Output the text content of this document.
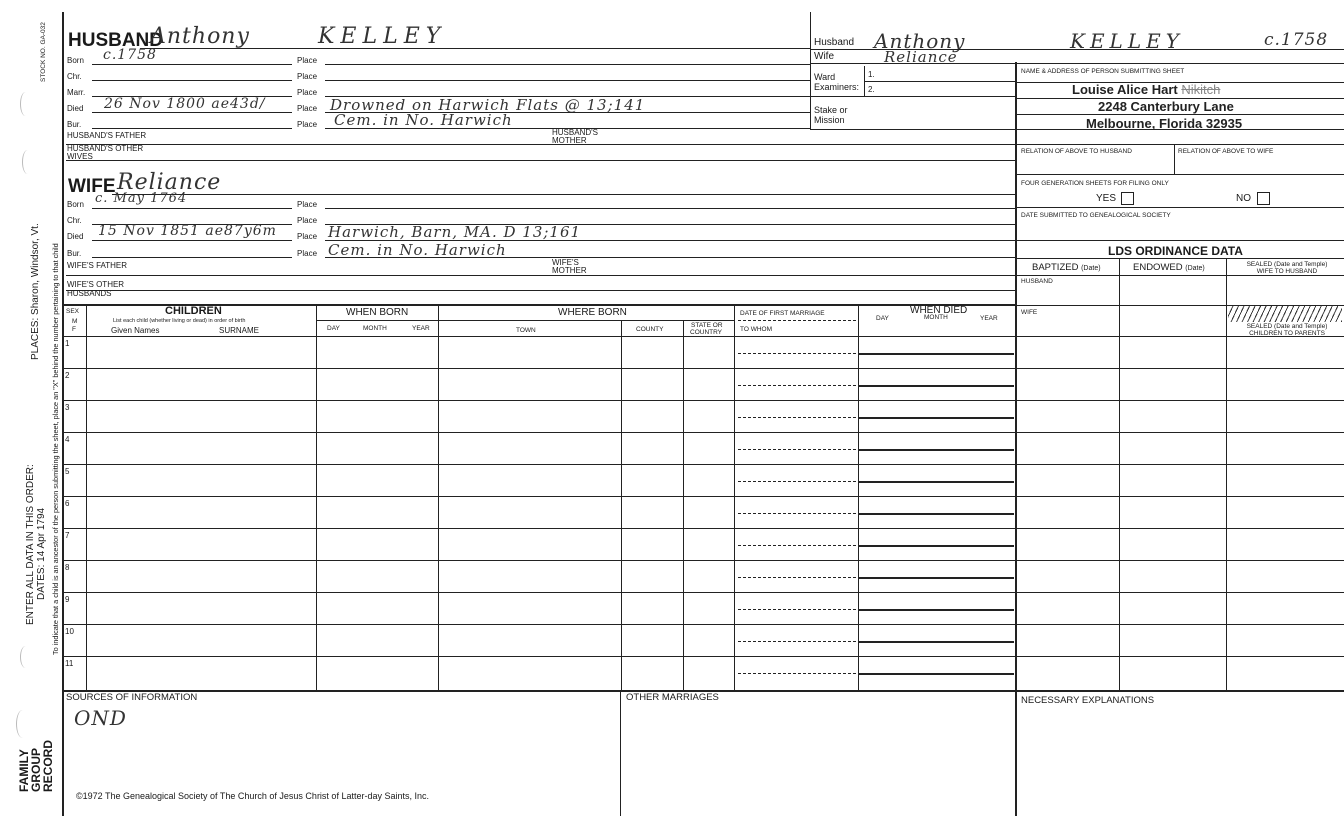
STOCK NO. GA-032
PLACES: Sharon, Windsor, Vt. To indicate that a child is an ancestor of the person submitting the sheet, place an "X" behind the number pertaining to that child
ENTER ALL DATA IN THIS ORDER: DATES: 14 Apr 1794
FAMILY
GROUP
RECORD
HUSBAND
Anthony	KELLEY
Born c.1758	Place
Chr.	Place
Marr.	Place
Died 26 Nov 1800 ae43d/	Place Drowned on Harwich Flats @ 13;141
Bur.	Place Cem. in No. Harwich
HUSBAND'S FATHER	HUSBAND'S MOTHER
HUSBAND'S OTHER WIVES
WIFE Reliance
Born c. May 1764	Place
Chr.	Place
Died 15 Nov 1851 ae87y6m	Place Harwich, Barn, MA. D 13;161
Bur.	Place Cem. in No. Harwich
WIFE'S FATHER	WIFE'S MOTHER
WIFE'S OTHER HUSBANDS
Husband Anthony	KELLEY	c.1758
Wife	Reliance
Ward
Examiners:
1.
2.
Stake or
Mission
NAME & ADDRESS OF PERSON SUBMITTING SHEET
Louise Alice Hart Nikitch
2248 Canterbury Lane
Melbourne, Florida 32935
RELATION OF ABOVE TO HUSBAND	RELATION OF ABOVE TO WIFE
FOUR GENERATION SHEETS FOR FILING ONLY
YES	NO
DATE SUBMITTED TO GENEALOGICAL SOCIETY
LDS ORDINANCE DATA
BAPTIZED (Date)	ENDOWED (Date)
SEALED (Date and Temple)
WIFE TO HUSBAND
HUSBAND
WIFE
SEALED (Date and Temple)
CHILDREN TO PARENTS
SEX
M
F
CHILDREN
List each child (whether living or dead) in order of birth
Given Names	SURNAME
WHEN BORN
DAY	MONTH	YEAR
WHERE BORN
TOWN	COUNTY
STATE OR
COUNTRY
DATE OF FIRST MARRIAGE
TO WHOM
WHEN DIED
DAY	MONTH	YEAR
1
2
3
4
5
6
7
8
9
10
11
SOURCES OF INFORMATION
OND
OTHER MARRIAGES	NECESSARY EXPLANATIONS
©1972 The Genealogical Society of The Church of Jesus Christ of Latter-day Saints, Inc.
